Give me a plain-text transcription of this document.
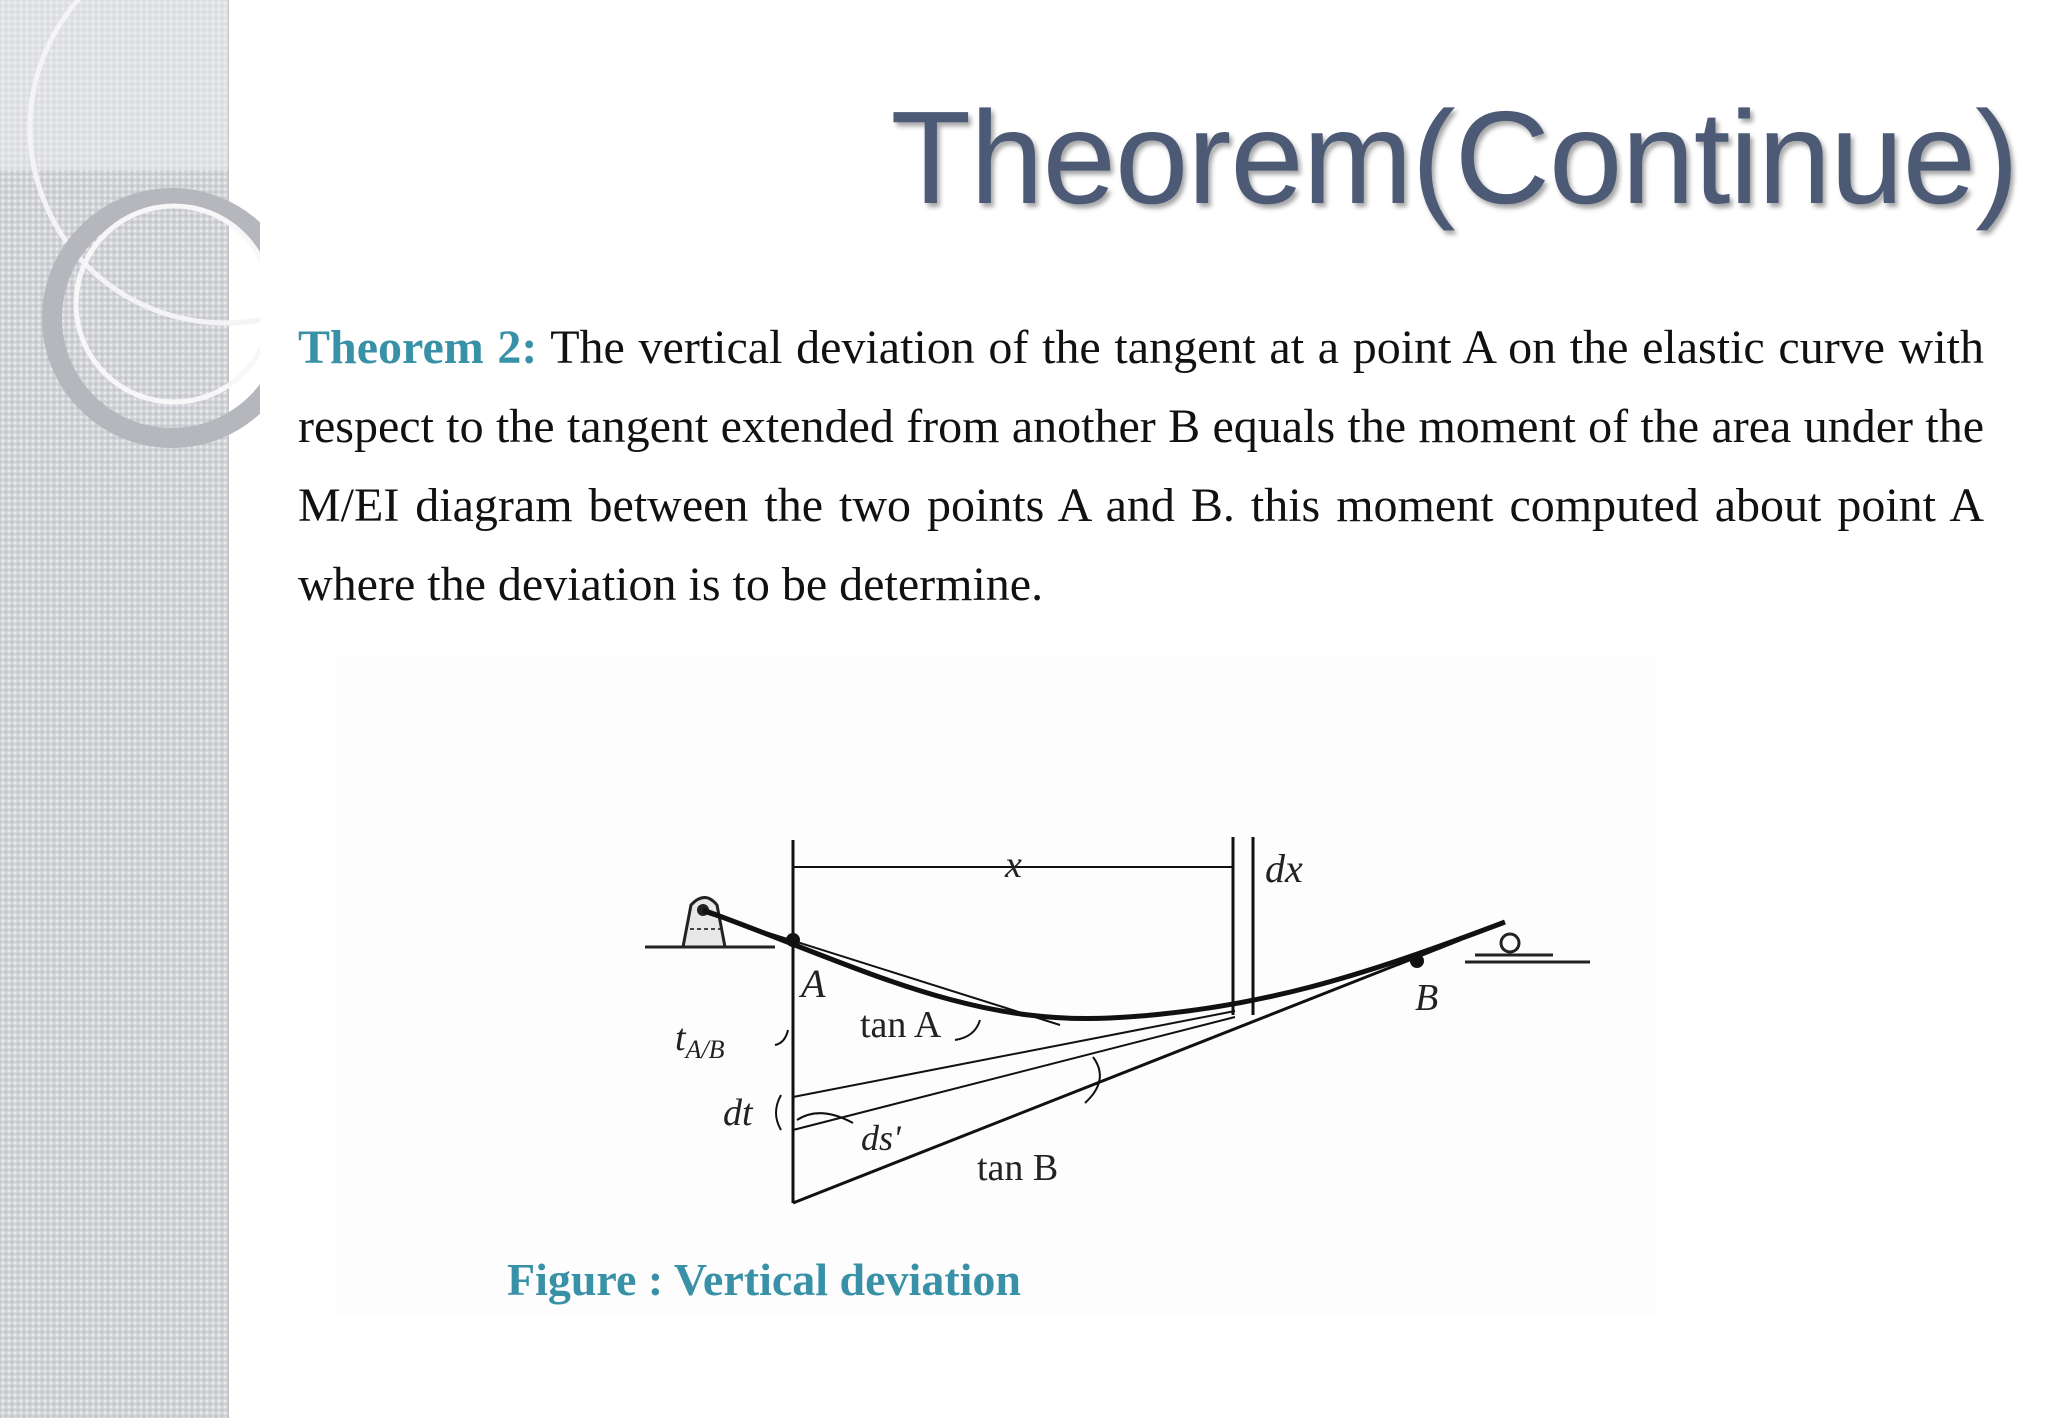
Theorem(Continue)

Theorem 2: The vertical deviation of the tangent at a point A on the elastic curve with respect to the tangent extended from another B equals the moment of the area under the M/EI diagram between the two points A and B. this moment computed about point A where the deviation is to be determine.

x	dx
A	B
$t_{A/B}$
tan A
dt
ds'
tan B

Figure : Vertical deviation
